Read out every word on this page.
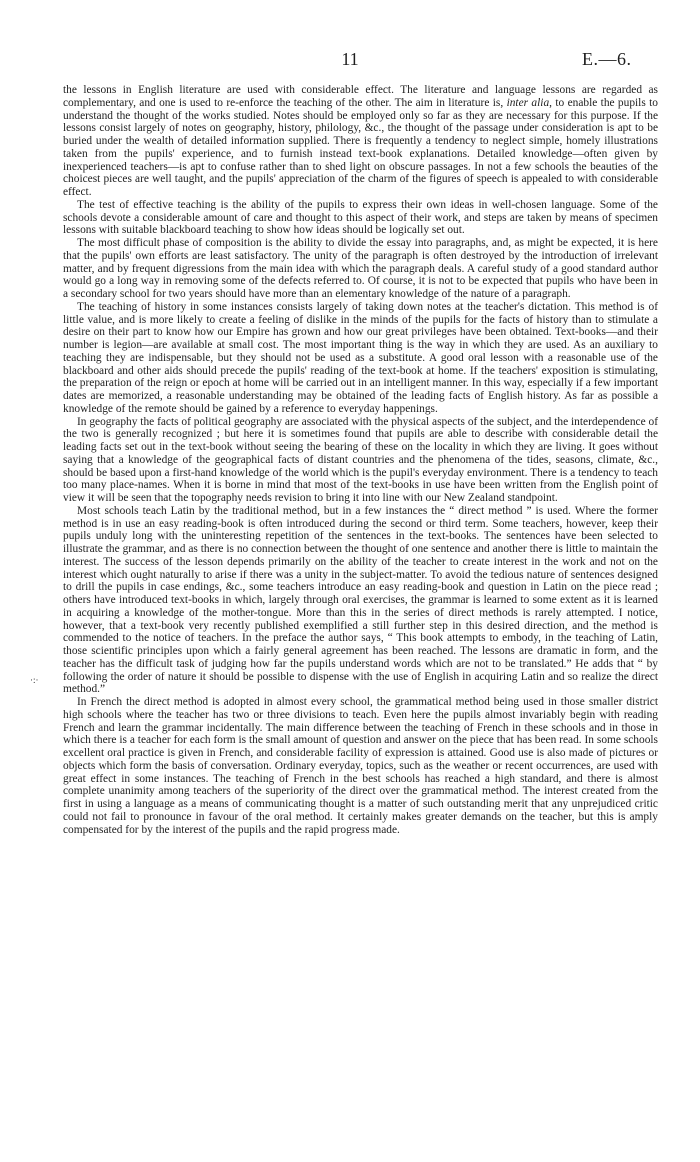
11	E.—6.
·:·

the lessons in English literature are used with considerable effect. The literature and language lessons are regarded as complementary, and one is used to re-enforce the teaching of the other. The aim in literature is, inter alia, to enable the pupils to understand the thought of the works studied. Notes should be employed only so far as they are necessary for this purpose. If the lessons consist largely of notes on geography, history, philology, &c., the thought of the passage under consideration is apt to be buried under the wealth of detailed information supplied. There is frequently a tendency to neglect simple, homely illustrations taken from the pupils' experience, and to furnish instead text-book explanations. Detailed knowledge—often given by inexperienced teachers—is apt to confuse rather than to shed light on obscure passages. In not a few schools the beauties of the choicest pieces are well taught, and the pupils' appreciation of the charm of the figures of speech is appealed to with considerable effect.

The test of effective teaching is the ability of the pupils to express their own ideas in well-chosen language. Some of the schools devote a considerable amount of care and thought to this aspect of their work, and steps are taken by means of specimen lessons with suitable blackboard teaching to show how ideas should be logically set out.

The most difficult phase of composition is the ability to divide the essay into paragraphs, and, as might be expected, it is here that the pupils' own efforts are least satisfactory. The unity of the paragraph is often destroyed by the introduction of irrelevant matter, and by frequent digressions from the main idea with which the paragraph deals. A careful study of a good standard author would go a long way in removing some of the defects referred to. Of course, it is not to be expected that pupils who have been in a secondary school for two years should have more than an elementary knowledge of the nature of a paragraph.

The teaching of history in some instances consists largely of taking down notes at the teacher's dictation. This method is of little value, and is more likely to create a feeling of dislike in the minds of the pupils for the facts of history than to stimulate a desire on their part to know how our Empire has grown and how our great privileges have been obtained. Text-books—and their number is legion—are available at small cost. The most important thing is the way in which they are used. As an auxiliary to teaching they are indispensable, but they should not be used as a substitute. A good oral lesson with a reasonable use of the blackboard and other aids should precede the pupils' reading of the text-book at home. If the teachers' exposition is stimulating, the preparation of the reign or epoch at home will be carried out in an intelligent manner. In this way, especially if a few important dates are memorized, a reasonable understanding may be obtained of the leading facts of English history. As far as possible a knowledge of the remote should be gained by a reference to everyday happenings.

In geography the facts of political geography are associated with the physical aspects of the subject, and the interdependence of the two is generally recognized ; but here it is sometimes found that pupils are able to describe with considerable detail the leading facts set out in the text-book without seeing the bearing of these on the locality in which they are living. It goes without saying that a knowledge of the geographical facts of distant countries and the phenomena of the tides, seasons, climate, &c., should be based upon a first-hand knowledge of the world which is the pupil's everyday environment. There is a tendency to teach too many place-names. When it is borne in mind that most of the text-books in use have been written from the English point of view it will be seen that the topography needs revision to bring it into line with our New Zealand standpoint.

Most schools teach Latin by the traditional method, but in a few instances the “ direct method ” is used. Where the former method is in use an easy reading-book is often introduced during the second or third term. Some teachers, however, keep their pupils unduly long with the uninteresting repetition of the sentences in the text-books. The sentences have been selected to illustrate the grammar, and as there is no connection between the thought of one sentence and another there is little to maintain the interest. The success of the lesson depends primarily on the ability of the teacher to create interest in the work and not on the interest which ought naturally to arise if there was a unity in the subject-matter. To avoid the tedious nature of sentences designed to drill the pupils in case endings, &c., some teachers introduce an easy reading-book and question in Latin on the piece read ; others have introduced text-books in which, largely through oral exercises, the grammar is learned to some extent as it is learned in acquiring a knowledge of the mother-tongue. More than this in the series of direct methods is rarely attempted. I notice, however, that a text-book very recently published exemplified a still further step in this desired direction, and the method is commended to the notice of teachers. In the preface the author says, “ This book attempts to embody, in the teaching of Latin, those scientific principles upon which a fairly general agreement has been reached. The lessons are dramatic in form, and the teacher has the difficult task of judging how far the pupils understand words which are not to be translated.” He adds that “ by following the order of nature it should be possible to dispense with the use of English in acquiring Latin and so realize the direct method.”

In French the direct method is adopted in almost every school, the grammatical method being used in those smaller district high schools where the teacher has two or three divisions to teach. Even here the pupils almost invariably begin with reading French and learn the grammar incidentally. The main difference between the teaching of French in these schools and in those in which there is a teacher for each form is the small amount of question and answer on the piece that has been read. In some schools excellent oral practice is given in French, and considerable facility of expression is attained. Good use is also made of pictures or objects which form the basis of conversation. Ordinary everyday, topics, such as the weather or recent occurrences, are used with great effect in some instances. The teaching of French in the best schools has reached a high standard, and there is almost complete unanimity among teachers of the superiority of the direct over the grammatical method. The interest created from the first in using a language as a means of communicating thought is a matter of such outstanding merit that any unprejudiced critic could not fail to pronounce in favour of the oral method. It certainly makes greater demands on the teacher, but this is amply compensated for by the interest of the pupils and the rapid progress made.
